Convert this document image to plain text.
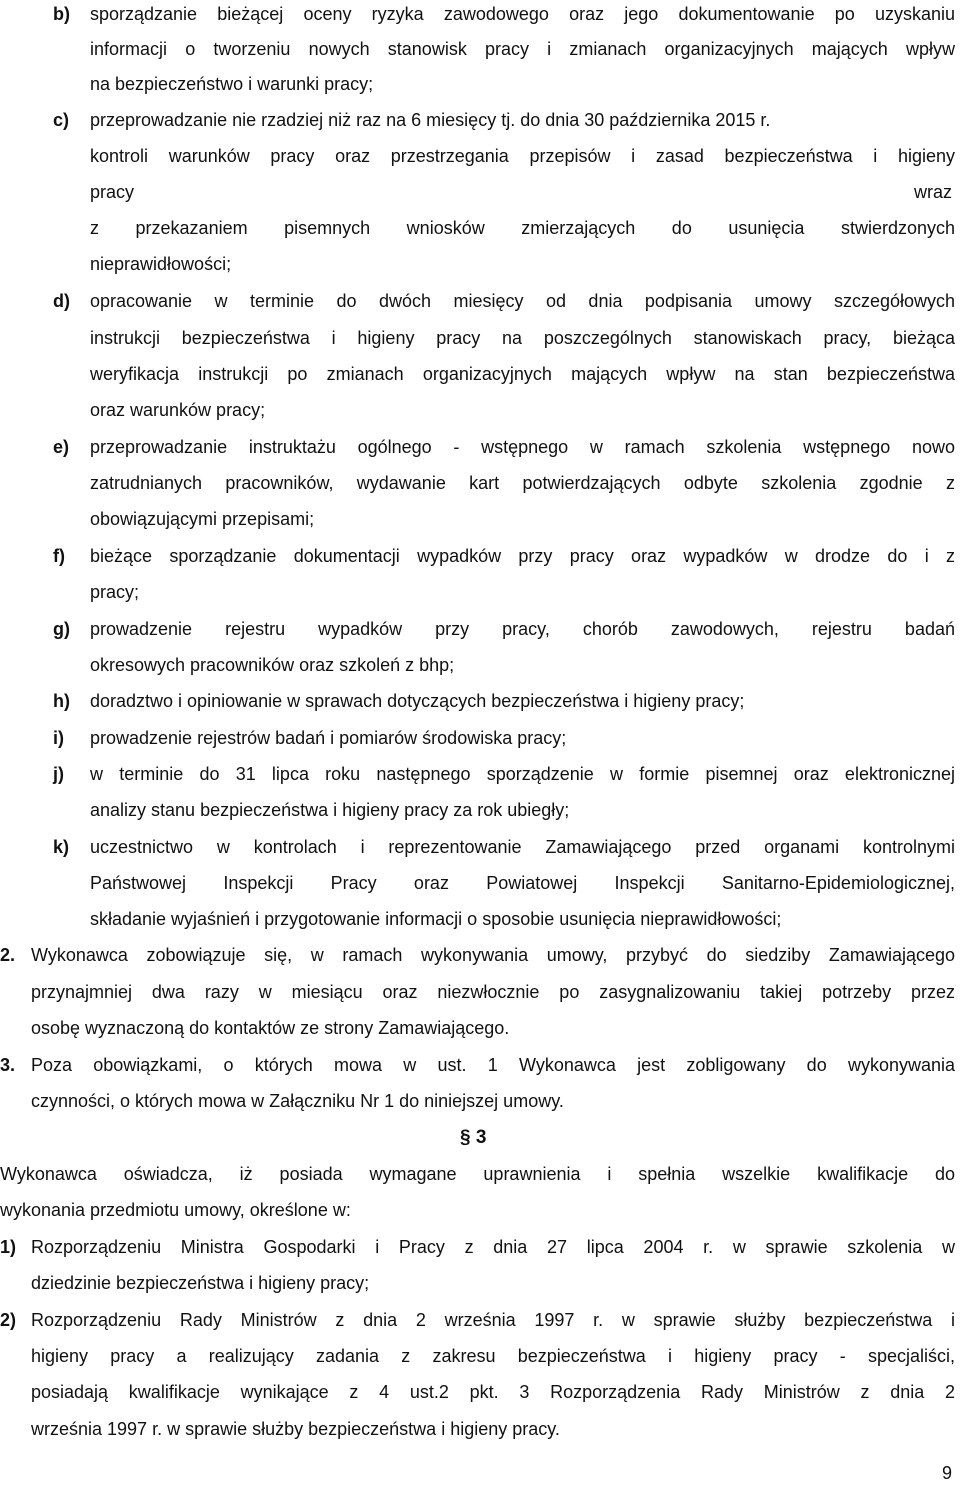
b) sporządzanie bieżącej oceny ryzyka zawodowego oraz jego dokumentowanie po uzyskaniu
informacji o tworzeniu nowych stanowisk pracy i zmianach organizacyjnych mających wpływ
na bezpieczeństwo i warunki pracy;
c) przeprowadzanie nie rzadziej niż raz na 6 miesięcy tj. do dnia 30 października 2015 r.
kontroli warunków pracy oraz przestrzegania przepisów i zasad bezpieczeństwa i higieny
pracy	wraz
z przekazaniem pisemnych wniosków zmierzających do usunięcia stwierdzonych
nieprawidłowości;
d) opracowanie w terminie do dwóch miesięcy od dnia podpisania umowy szczegółowych
instrukcji bezpieczeństwa i higieny pracy na poszczególnych stanowiskach pracy, bieżąca
weryfikacja instrukcji po zmianach organizacyjnych mających wpływ na stan bezpieczeństwa
oraz warunków pracy;
e) przeprowadzanie instruktażu ogólnego - wstępnego w ramach szkolenia wstępnego nowo
zatrudnianych pracowników, wydawanie kart potwierdzających odbyte szkolenia zgodnie z
obowiązującymi przepisami;
f) bieżące sporządzanie dokumentacji wypadków przy pracy oraz wypadków w drodze do i z
pracy;
g) prowadzenie rejestru wypadków przy pracy, chorób zawodowych, rejestru badań
okresowych pracowników oraz szkoleń z bhp;
h) doradztwo i opiniowanie w sprawach dotyczących bezpieczeństwa i higieny pracy;
i) prowadzenie rejestrów badań i pomiarów środowiska pracy;
j) w terminie do 31 lipca roku następnego sporządzenie w formie pisemnej oraz elektronicznej
analizy stanu bezpieczeństwa i higieny pracy za rok ubiegły;
k) uczestnictwo w kontrolach i reprezentowanie Zamawiającego przed organami kontrolnymi
Państwowej Inspekcji Pracy oraz Powiatowej Inspekcji Sanitarno-Epidemiologicznej,
składanie wyjaśnień i przygotowanie informacji o sposobie usunięcia nieprawidłowości;
2. Wykonawca zobowiązuje się, w ramach wykonywania umowy, przybyć do siedziby Zamawiającego
przynajmniej dwa razy w miesiącu oraz niezwłocznie po zasygnalizowaniu takiej potrzeby przez
osobę wyznaczoną do kontaktów ze strony Zamawiającego.
3. Poza obowiązkami, o których mowa w ust. 1 Wykonawca jest zobligowany do wykonywania
czynności, o których mowa w Załączniku Nr 1 do niniejszej umowy.
§ 3
Wykonawca oświadcza, iż posiada wymagane uprawnienia i spełnia wszelkie kwalifikacje do
wykonania przedmiotu umowy, określone w:
1) Rozporządzeniu Ministra Gospodarki i Pracy z dnia 27 lipca 2004 r. w sprawie szkolenia w
dziedzinie bezpieczeństwa i higieny pracy;
2) Rozporządzeniu Rady Ministrów z dnia 2 września 1997 r. w sprawie służby bezpieczeństwa i
higieny pracy a realizujący zadania z zakresu bezpieczeństwa i higieny pracy - specjaliści,
posiadają kwalifikacje wynikające z 4 ust.2 pkt. 3 Rozporządzenia Rady Ministrów z dnia 2
września 1997 r. w sprawie służby bezpieczeństwa i higieny pracy.
9
